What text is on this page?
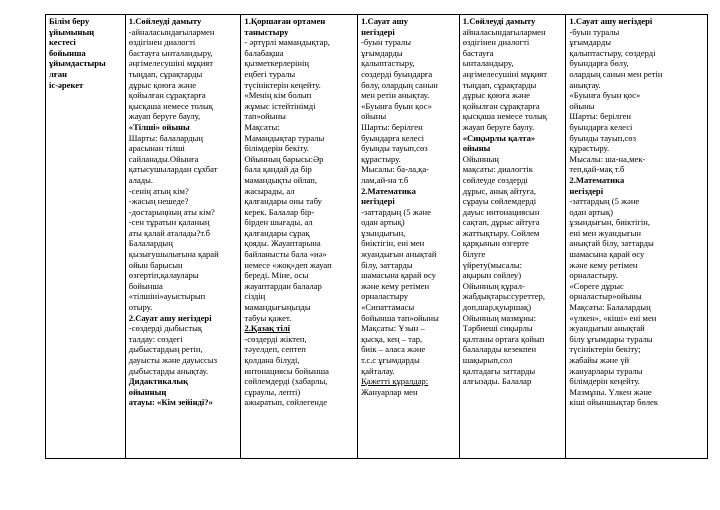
Білім беру

ұйымының

кестесі

бойынша

ұйымдастыры

лған

іс-әрекет

1.Сөйлеуді дамыту

-айналасындағылармен

өздігінен диалогтi

бастауға ынталандыру,

әңгімелесушіні мұқият

тыңдап, сұрақтарды

дұрыс қоюға және

қойылған сұрақтарға

қысқаша немесе толық

жауап беруге баулу,

«Тілші» ойыны

Шарты: балалардың

арасынан тілші

сайланады.Ойынға

қатысушылардан сұхбат

алады.

-сенің атың кім?

-жасың нешеде?

-достарыңның аты кім?

-сен тұратын қаланың

аты қалай аталады?т.б

Балалардың

қызығушылығына қарай

ойын барысын

өзгертіп,қалаулары

бойынша

«тілшіні»ауыстырып

отыру.

2.Сауат ашу негіздері

-сөздерді дыбыстық

талдау: сөздегі

дыбыстардың ретін,

дауысты және дауыссыз

дыбыстарды анықтау.

Дидактикалық

ойынның

атауы: «Кім зейінді?»

1.Қоршаған ортамен

таныстыру

- әртүрлі мамандықтар,

балабақша

қызметкерлерінің

еңбегі туралы

түсініктерін кеңейту.

«Менің кім болып

жұмыс істейтінімді

тап»ойыны

Мақсаты:

Мамандықтар туралы

білімдерін бекіту.

Ойынның барысы:Әр

бала қандай да бір

мамандықты ойлап,

жасырады, ал

қалғандары оны табу

керек. Балалар бір-

бірден шығады, ал

қалғандары сұрақ

қояды. Жауаптарына

байланысты бала «иә»

немесе «жоқ»деп жауап

береді. Міне, осы

жауаптардан балалар

сіздің

мамандығыңызды

табуы қажет.

2.Қазақ тілі

-сөздерді жіктеп,

тәуелдеп, септеп

қолдана білуді,

интонациясы бойынша

сөйлемдерді (хабарлы,

сұраулы, лепті)

ажыратып, сөйлегенде

1.Сауат ашу

негіздері

-буын туралы

ұғымдарды

қалыптастыру,

сөздерді буындарға

бөлу, олардың санын

мен ретін анықтау.

«Буынға буын қос»

ойыны

Шарты: берілген

буындарға келесі

буынды тауып,сөз

құрастыру.

Мысалы: ба-ла,қа-

лам,ай-на т.б

2.Математика

негіздері

-заттардың (5 және

одан артық)

ұзындығын,

биіктігін, ені мен

жуандығын анықтай

білу, заттарды

шамасына қарай өсу

және кему ретімен

орналастыру

«Сипаттамасы

бойынша тап»ойыны

Мақсаты: Ұзын –

қысқа, кең – тар,

биік – аласа және

т.с.с ұғымдарды

қайталау.

Қажетті құралдар:

Жануарлар мен

1.Сөйлеуді дамыту

айналасындағылармен

өздігінен диалогтi

бастауға

ынталандыру,

әңгімелесушіні мұқият

тыңдап, сұрақтарды

дұрыс қоюға және

қойылған сұрақтарға

қысқаша немесе толық

жауап беруге баулу.

«Сиқырлы қалта»

ойыны

Ойынның

мақсаты: диалогтік

сөйлеуде сөздерді

дұрыс, анық айтуға,

сұрауы сөйлемдерді

дауыс интонациясын

сақтап, дұрыс айтуға

жаттықтыру. Сөйлем

қарқынын өзгерте

білуге

үйрету(мысалы:

ақырын сөйлеу)

Ойынның құрал-

жабдықтары:суреттер,

доп,шар,қуыршақ)

Ойынның мазмұны:

Тәрбиеші сиқырлы

қалтаны ортаға қойып

балаларды кезекпен

шақырып,сол

қалтадағы заттарды

алғызады. Балалар

1.Сауат ашу негіздері

-буын туралы

ұғымдарды

қалыптастыру, сөздерді

буындарға бөлу,

олардың санын мен ретін

анықтау.

«Буынға буын қос»

ойыны

Шарты: берілген

буындарға келесі

буынды тауып,сөз

құрастыру.

Мысалы: ша-на,мек-

теп,қай-мақ т.б

2.Математика

негіздері

-заттардың (5 және

одан артық)

ұзындығын, биіктігін,

ені мен жуандығын

анықтай білу, заттарды

шамасына қарай өсу

және кему ретімен

орналастыру.

«Сөреге дұрыс

орналастыр»ойыны

Мақсаты: Балалардың

«үлкен», «кіші» ені мен

жуандығын анықтай

білу ұғымдары туралы

түсініктерін бекіту;

жабайы және үй

жануарлары туралы

білімдерін кеңейту.

Мазмұны. Үлкен және

кіші ойыншықтар бөлек
